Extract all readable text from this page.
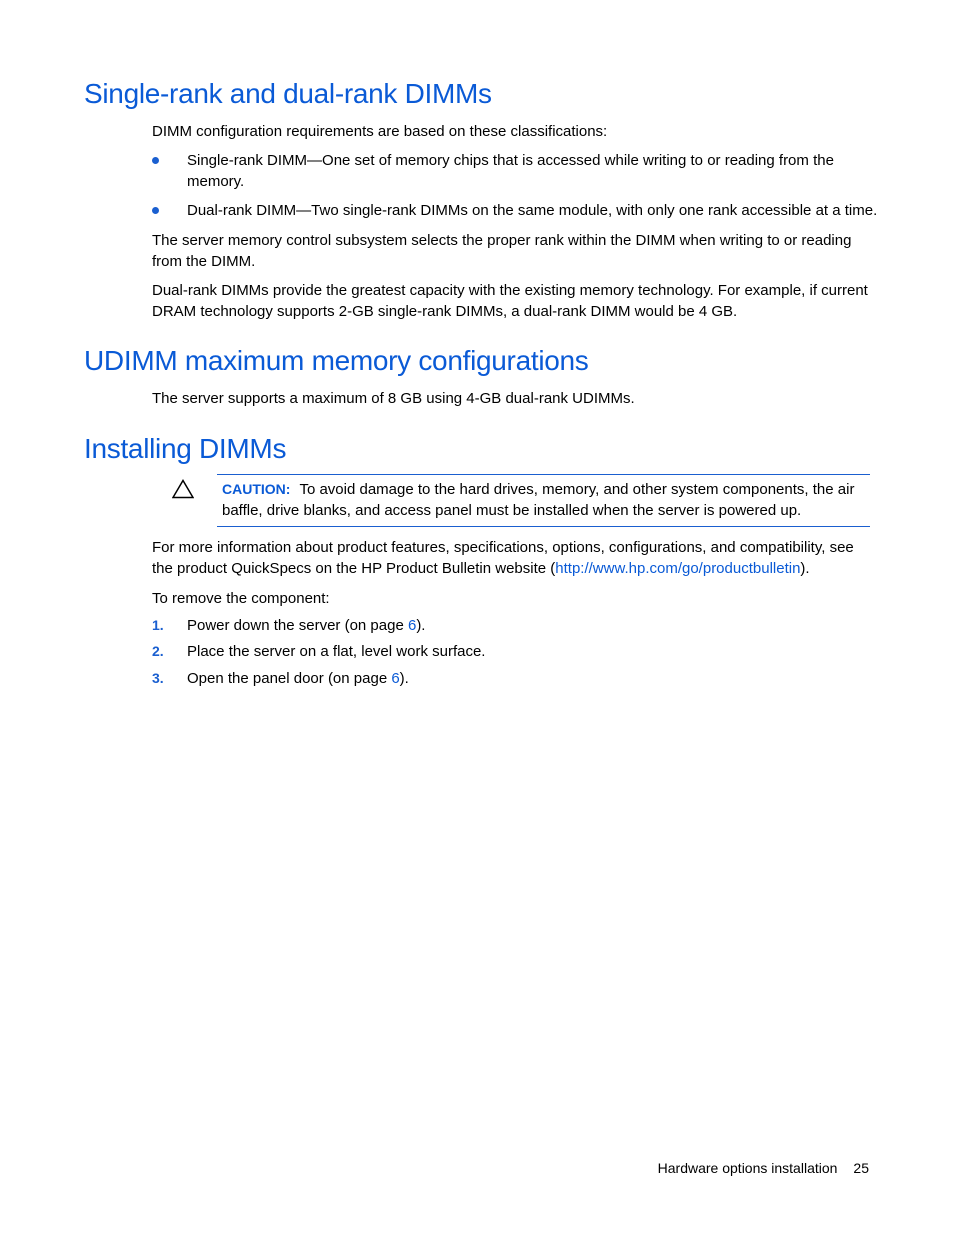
Single-rank and dual-rank DIMMs

DIMM configuration requirements are based on these classifications:

Single-rank DIMM—One set of memory chips that is accessed while writing to or reading from the memory.
Dual-rank DIMM—Two single-rank DIMMs on the same module, with only one rank accessible at a time.

The server memory control subsystem selects the proper rank within the DIMM when writing to or reading from the DIMM.

Dual-rank DIMMs provide the greatest capacity with the existing memory technology. For example, if current DRAM technology supports 2-GB single-rank DIMMs, a dual-rank DIMM would be 4 GB.

UDIMM maximum memory configurations

The server supports a maximum of 8 GB using 4-GB dual-rank UDIMMs.

Installing DIMMs
CAUTION: To avoid damage to the hard drives, memory, and other system components, the air baffle, drive blanks, and access panel must be installed when the server is powered up.

For more information about product features, specifications, options, configurations, and compatibility, see the product QuickSpecs on the HP Product Bulletin website (http://www.hp.com/go/productbulletin).

To remove the component:

1. Power down the server (on page 6).
2. Place the server on a flat, level work surface.
3. Open the panel door (on page 6).
Hardware options installation 25
